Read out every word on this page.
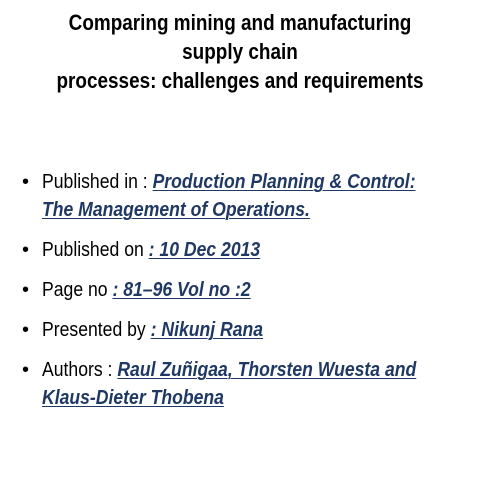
Comparing mining and manufacturing
supply chain
processes: challenges and requirements
• Published in : Production Planning & Control:
The Management of Operations.
• Published on : 10 Dec 2013
• Page no : 81–96 Vol no :2
• Presented by : Nikunj Rana
• Authors : Raul Zuñigaa, Thorsten Wuesta and
Klaus-Dieter Thobena
